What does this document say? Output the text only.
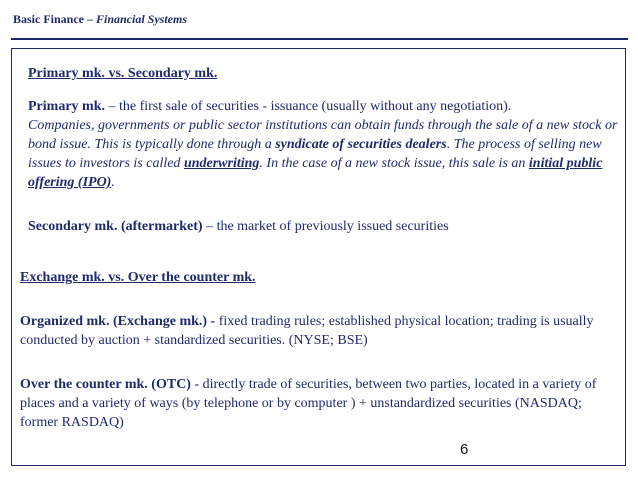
Basic Finance – Financial Systems

Primary mk. vs. Secondary mk.

Primary mk. – the first sale of securities - issuance (usually without any negotiation).
Companies, governments or public sector institutions can obtain funds through the sale of a new stock or bond issue. This is typically done through a syndicate of securities dealers. The process of selling new issues to investors is called underwriting. In the case of a new stock issue, this sale is an initial public offering (IPO).

Secondary mk. (aftermarket) – the market of previously issued securities

Exchange mk. vs. Over the counter mk.

Organized mk. (Exchange mk.) - fixed trading rules; established physical location; trading is usually conducted by auction + standardized securities. (NYSE; BSE)

Over the counter mk. (OTC) - directly trade of securities, between two parties, located in a variety of places and a variety of ways (by telephone or by computer ) + unstandardized securities (NASDAQ; former RASDAQ)

6
